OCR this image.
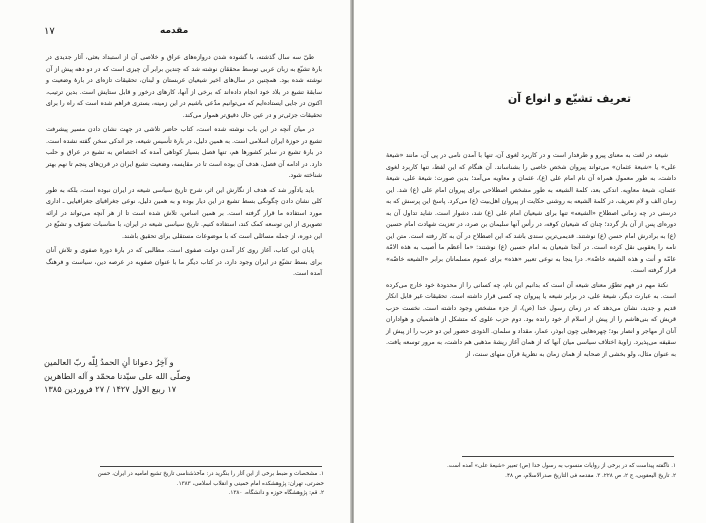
۱۷	مقدمه

طیّ سه سال گذشته، با گشوده شدن دروازه‌های عراق و خلاصی آن از استبداد بعثی، آثار جدیدی در بارهٔ تشیّع به زبان عربی توسط محققان نوشته شد که چندین برابر آن چیزی است که در دو دهه پیش از آن نوشته شده بود. همچنین در سال‌های اخیر شیعیان عربستان و لبنان، تحقیقات تازه‌ای در بارهٔ وضعیت و سابقهٔ تشیع در بلاد خود انجام داده‌اند که برخی از آنها، کارهای درخور و قابل ستایش است. بدین ترتیب، اکنون در جایی ایستاده‌ایم که می‌توانیم مدّعی باشیم در این زمینه، بستری فراهم شده است که راه را برای تحقیقات جزئی‌تر و در عین حال دقیق‌تر هموار می‌کند.

در میان آنچه در این باب نوشته شده است، کتاب حاضر تلاشی در جهت نشان دادن مسیر پیشرفت تشیع در حوزهٔ ایران اسلامی است. به همین دلیل، در بارهٔ تأسیس شیعه، جز اندکی سخن گفته نشده است. در بارهٔ تشیع در سایر کشورها هم، تنها فصل بسیار کوتاهی آمده که اختصاص به تشیع در عراق و حلب دارد. در ادامه آن فصل، هدف آن بوده است تا در مقایسه، وضعیت تشیع ایران در قرن‌های پنجم تا نهم بهتر شناخته شود.

باید یادآور شد که هدف از نگارش این اثر، شرح تاریخ سیاسی شیعه در ایران نبوده است، بلکه به طور کلی نشان دادن چگونگی بسط تشیع در این دیار بوده و به همین دلیل، نوعی جغرافیای جغرافیایی ـ اداری مورد استفاده ما قرار گرفته است. بر همین اساس، تلاش شده است تا از هر آنچه می‌تواند در ارائه تصویری از این توسعه کمک کند، استفاده کنیم. تاریخ سیاسی شیعه در ایران، با مناسبات تصوّف و تشیّع در این دوره، از جمله مسائلی است که با موضوعات مستقلی برای تحقیق باشند.

پایان این کتاب، آغاز روی کار آمدن دولت صفوی است. مطالبی که در بارهٔ دورهٔ صفوی و تلاش آنان برای بسط تشیّع در ایران وجود دارد، در کتاب دیگر ما با عنوان صفویه در عرصه دین، سیاست و فرهنگ آمده است.

و آخِرُ دعوانا أنِ الحمدُ لِلّه ربّ العالمین
وصلّی الله علی سیّدنا محمّد و آله الطاهرین
۱۷ ربیع الاول ۱۴۲۷ / ۲۷ فروردین ۱۳۸۵
۱. مشخصات و ضبط برخی از این آثار را بنگرید در: مآخذشناسی تاریخ تشیع امامیه در ایران، حسن
حضرتی، تهران: پژوهشکده امام خمینی و انقلاب اسلامی، ۱۳۸۳.
۲. قم: پژوهشگاه حوزه و دانشگاه، ۱۳۸۰.
تعریف تشیّع و انواع آن

شیعه در لغت به معنای پیرو و طرفدار است و در کاربرد لغوی آن، تنها با آمدن نامی در پی آن، مانند «شیعهٔ علی» یا «شیعهٔ عثمان» می‌تواند پیروان شخص خاصی را بشناساند. آن هنگام که این لفظ، تنها کاربرد لغوی داشت، به طور معمول همراه آن نام امام علی (ع)، عثمان و معاویه می‌آمد؛ بدین صورت: شیعهٔ علی، شیعهٔ عثمان، شیعهٔ معاویه. اندکی بعد، کلمهٔ الشیعه به طور مشخص اصطلاحی برای پیروان امام علی (ع) شد. این زمان الف و لام تعریف، در کلمهٔ الشیعه به روشنی حکایت از پیروان اهل‌بیت (ع) می‌کرد. پاسخ این پرسش که به درستی در چه زمانی اصطلاح «الشیعه» تنها برای شیعیان امام علی (ع) شد، دشوار است. شاید تداول آن به دوره‌ای پس از آن باز گردد؛ چنان که شیعیان کوفه، در رأس آنها سلیمان بن صرد، در تعزیت شهادت امام حسین (ع) به برادرش امام حسن (ع) نوشتند. قدیمی‌ترین سندی باشد که این اصطلاح در آن به کار رفته است. متن این نامه را یعقوبی نقل کرده است. در آنجا شیعیان به امام حسین (ع) نوشتند: «ما أعظم ما أصیب به هذه الامّة عامّة و أنت و هذه الشیعة خاصّة». درا ینجا به نوعی تعبیر «هذه» برای عموم مسلمانان برابر «الشیعه خاصّه» قرار گرفته است.

نکتهٔ مهم در فهم تطوّر معنای شیعه آن است که بدانیم این نام، چه کسانی را از محدودهٔ خود خارج می‌کرده است. به عبارت دیگر، شیعهٔ علی، در برابر شیعه یا پیروان چه کسی قرار داشته است. تحقیقات غیر قابل انکار قدیم و جدید، نشان می‌دهد که در زمان رسول خدا (ص)، از جزء مشخص وجود داشته است. نخست حزب قریش که بنی‌هاشم را از پیش از اسلام از خود رانده بود. دوم حزب علوی که متشکل از هاشمیان و هواداران آنان از مهاجر و انصار بود؛ چهره‌هایی چون ابوذر، عمار، مقداد و سلمان. الذودی حضور این دو حزب را از پیش از سقیفه می‌پذیرد. زاویهٔ اختلاف سیاسی میان آنها که از همان آغاز ریشهٔ مذهبی هم داشت، به مرور توسعه یافت. به عنوان مثال، ولو بخشی از صحابه از همان زمان به نظریهٔ قرآن منهای سنت، از

۱. ناگفته پیداست که در برخی از روایات منسوب به رسول خدا (ص) تعبیر «شیعهٔ علی» آمده است.
۲. تاریخ الیعقوبی، ج ۲، ص ۲۲۸. ۳. مقدمه فی التاریخ صدرالاسلام، ص ۴۸.
